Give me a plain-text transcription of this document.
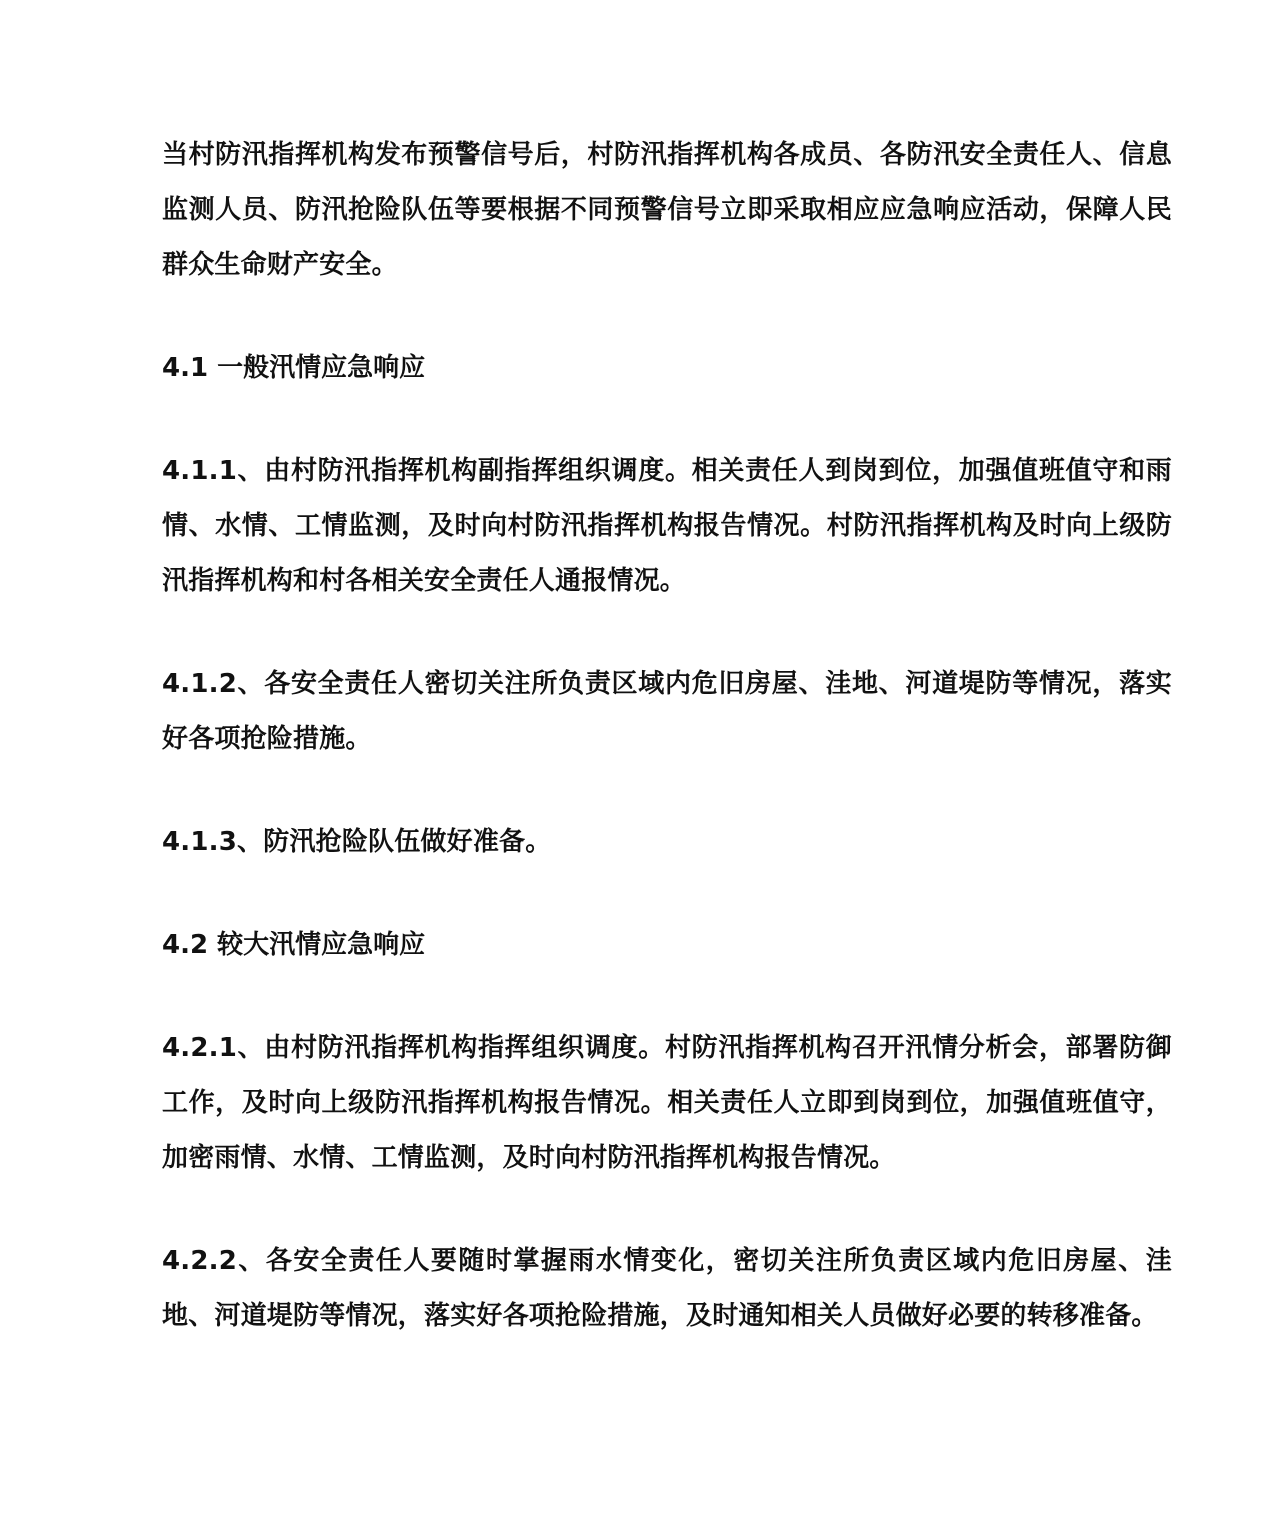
当村防汛指挥机构发布预警信号后，村防汛指挥机构各成员、各防汛安全责任人、信息监测人员、防汛抢险队伍等要根据不同预警信号立即采取相应应急响应活动，保障人民群众生命财产安全。

4.1 一般汛情应急响应

4.1.1、由村防汛指挥机构副指挥组织调度。相关责任人到岗到位，加强值班值守和雨情、水情、工情监测，及时向村防汛指挥机构报告情况。村防汛指挥机构及时向上级防汛指挥机构和村各相关安全责任人通报情况。

4.1.2、各安全责任人密切关注所负责区域内危旧房屋、洼地、河道堤防等情况，落实好各项抢险措施。

4.1.3、防汛抢险队伍做好准备。

4.2 较大汛情应急响应

4.2.1、由村防汛指挥机构指挥组织调度。村防汛指挥机构召开汛情分析会，部署防御工作，及时向上级防汛指挥机构报告情况。相关责任人立即到岗到位，加强值班值守，加密雨情、水情、工情监测，及时向村防汛指挥机构报告情况。

4.2.2、各安全责任人要随时掌握雨水情变化，密切关注所负责区域内危旧房屋、洼地、河道堤防等情况，落实好各项抢险措施，及时通知相关人员做好必要的转移准备。
